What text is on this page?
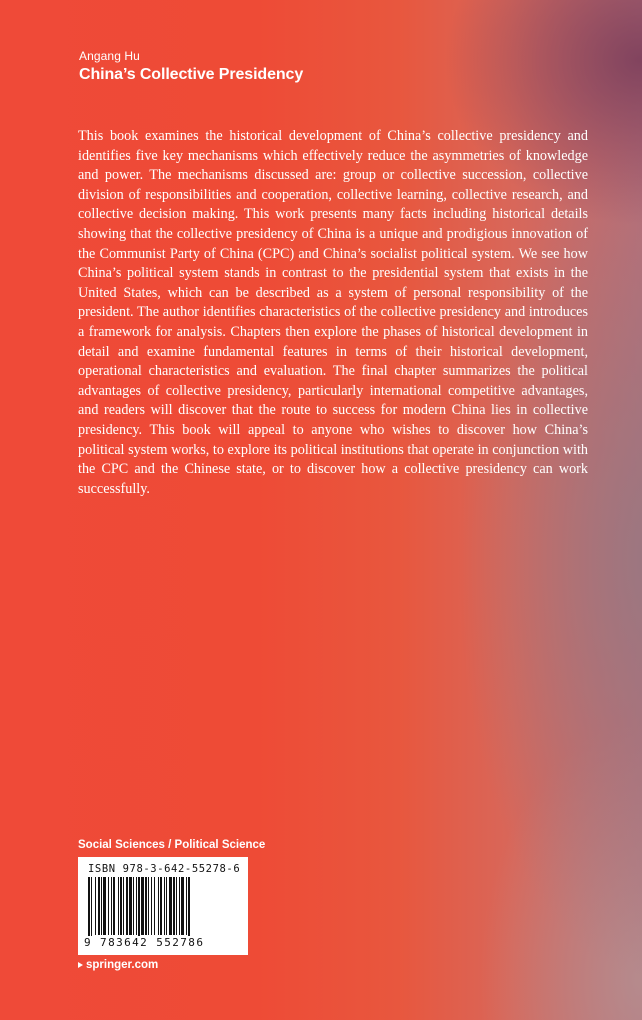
Angang Hu
China’s Collective Presidency

This book examines the historical development of China’s collective presidency and identifies five key mechanisms which effectively reduce the asymmetries of knowledge and power. The mechanisms discussed are: group or collective succession, collective division of responsibilities and cooperation, collective learning, collective research, and collective decision making. This work presents many facts including historical details showing that the collective presidency of China is a unique and prodigious innovation of the Communist Party of China (CPC) and China’s socialist political system. We see how China’s political system stands in contrast to the presidential system that exists in the United States, which can be described as a system of personal responsibility of the president. The author identifies characteristics of the collective presidency and introduces a framework for analysis. Chapters then explore the phases of historical development in detail and examine fundamental features in terms of their historical development, operational characteristics and evaluation. The final chapter summarizes the political advantages of collective presidency, particularly international competitive advantages, and readers will discover that the route to success for modern China lies in collective presidency. This book will appeal to anyone who wishes to discover how China’s political system works, to explore its political institutions that operate in conjunction with the CPC and the Chinese state, or to discover how a collective presidency can work successfully.

Social Sciences / Political Science
ISBN 978-3-642-55278-6
9 783642 552786
springer.com
